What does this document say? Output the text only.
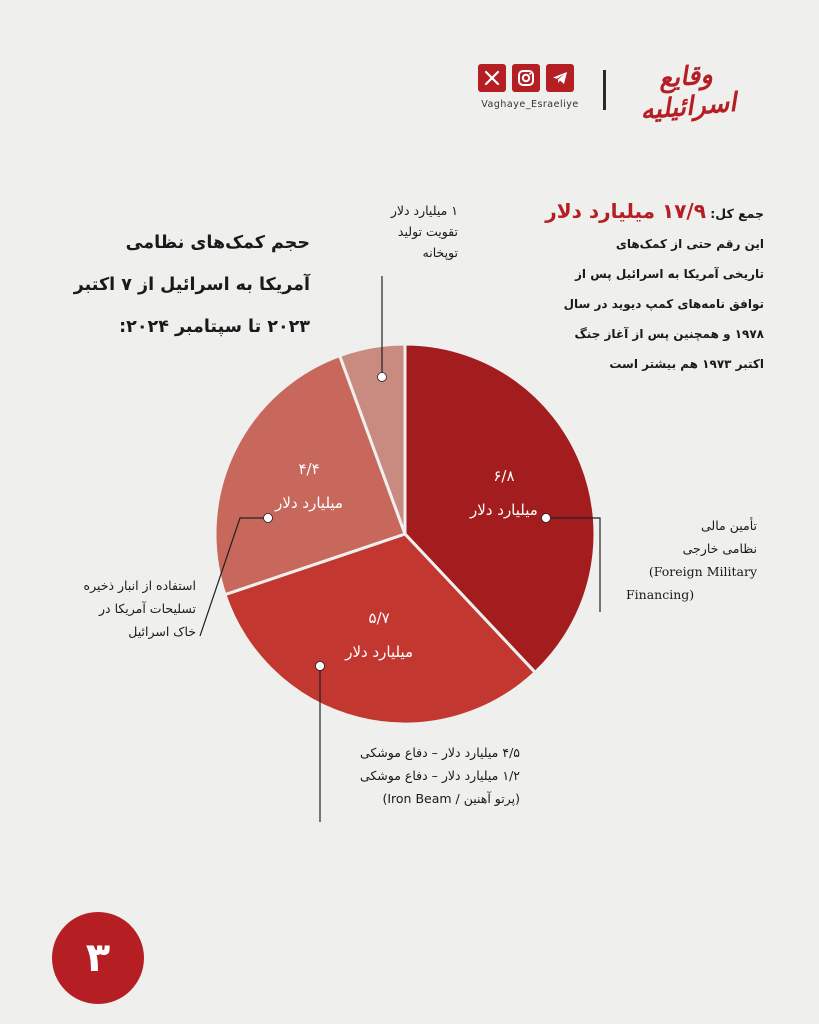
Vaghaye_Esraeliye
وقایع اسرائیلیه
حجم کمک‌های نظامی
آمریکا به اسرائیل از ۷ اکتبر
۲۰۲۳ تا سپتامبر ۲۰۲۴:
جمع کل: ۱۷/۹ میلیارد دلار
این رقم حتی از کمک‌های
تاریخی آمریکا به اسرائیل پس از
توافق نامه‌های کمپ دیوید در سال
۱۹۷۸ و همچنین پس از آغاز جنگ
اکتبر ۱۹۷۳ هم بیشتر است
۶/۸
میلیارد دلار
۵/۷
میلیارد دلار
۴/۴
میلیارد دلار
تأمین مالی
نظامی خارجی
(Foreign Military
Financing)
۴/۵ میلیارد دلار – دفاع موشکی
۱/۲ میلیارد دلار – دفاع موشکی
(پرتو آهنین / Iron Beam)
استفاده از انبار ذخیره
تسلیحات آمریکا در
خاک اسرائیل
۱ میلیارد دلار
تقویت تولید
توپخانه
۳
